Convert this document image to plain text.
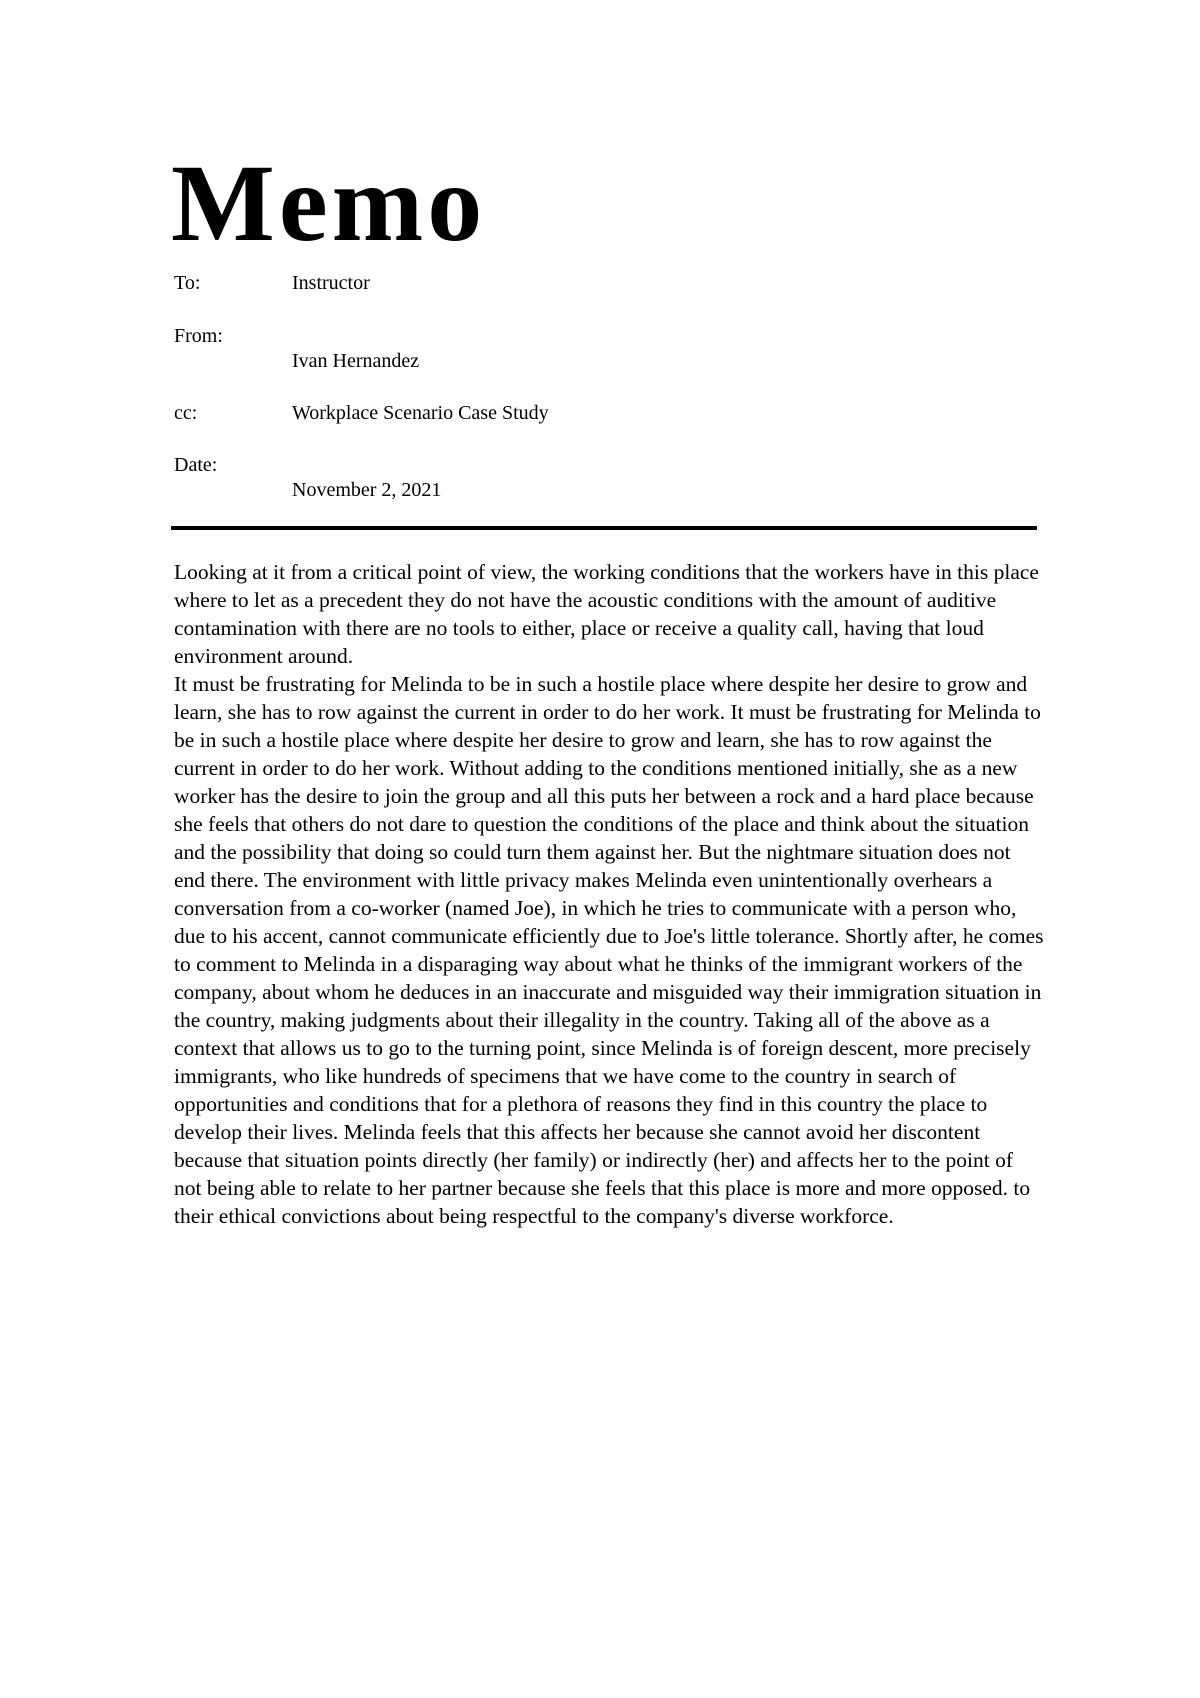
Memo
To:	Instructor
From:
Ivan Hernandez
cc:	Workplace Scenario Case Study
Date:
November 2, 2021

Looking at it from a critical point of view, the working conditions that the workers have in this place where to let as a precedent they do not have the acoustic conditions with the amount of auditive contamination with there are no tools to either, place or receive a quality call, having that loud environment around.

It must be frustrating for Melinda to be in such a hostile place where despite her desire to grow and learn, she has to row against the current in order to do her work. It must be frustrating for Melinda to be in such a hostile place where despite her desire to grow and learn, she has to row against the current in order to do her work. Without adding to the conditions mentioned initially, she as a new worker has the desire to join the group and all this puts her between a rock and a hard place because she feels that others do not dare to question the conditions of the place and think about the situation and the possibility that doing so could turn them against her. But the nightmare situation does not end there. The environment with little privacy makes Melinda even unintentionally overhears a conversation from a co-worker (named Joe), in which he tries to communicate with a person who, due to his accent, cannot communicate efficiently due to Joe's little tolerance. Shortly after, he comes to comment to Melinda in a disparaging way about what he thinks of the immigrant workers of the company, about whom he deduces in an inaccurate and misguided way their immigration situation in the country, making judgments about their illegality in the country. Taking all of the above as a context that allows us to go to the turning point, since Melinda is of foreign descent, more precisely immigrants, who like hundreds of specimens that we have come to the country in search of opportunities and conditions that for a plethora of reasons they find in this country the place to develop their lives. Melinda feels that this affects her because she cannot avoid her discontent because that situation points directly (her family) or indirectly (her) and affects her to the point of not being able to relate to her partner because she feels that this place is more and more opposed. to their ethical convictions about being respectful to the company's diverse workforce.
